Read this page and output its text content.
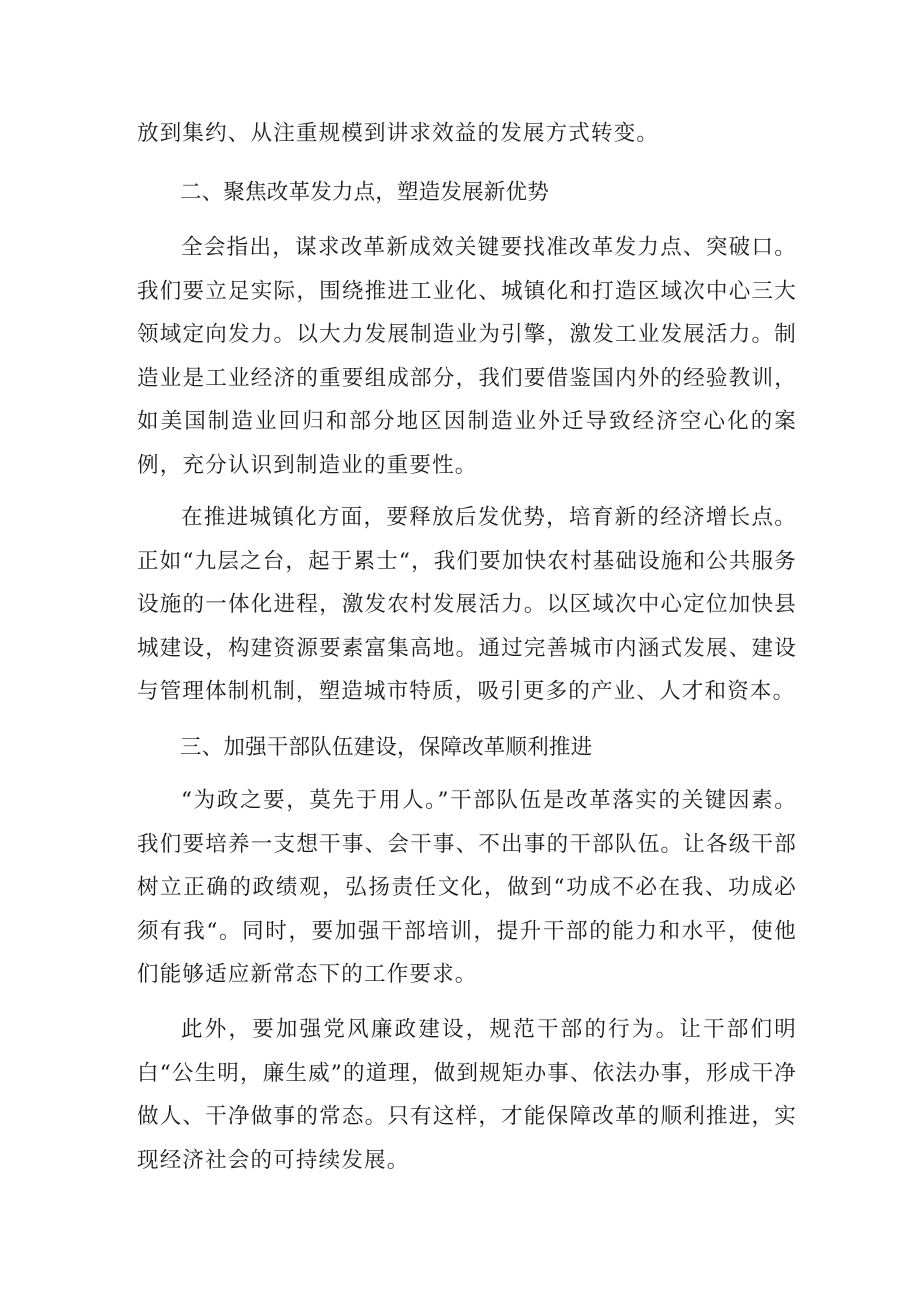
放到集约、从注重规模到讲求效益的发展方式转变。

二、聚焦改革发力点，塑造发展新优势

全会指出，谋求改革新成效关键要找准改革发力点、突破口。我们要立足实际，围绕推进工业化、城镇化和打造区域次中心三大领域定向发力。以大力发展制造业为引擎，激发工业发展活力。制造业是工业经济的重要组成部分，我们要借鉴国内外的经验教训，如美国制造业回归和部分地区因制造业外迁导致经济空心化的案例，充分认识到制造业的重要性。

在推进城镇化方面，要释放后发优势，培育新的经济增长点。正如“九层之台，起于累士“，我们要加快农村基础设施和公共服务设施的一体化进程，激发农村发展活力。以区域次中心定位加快县城建设，构建资源要素富集高地。通过完善城市内涵式发展、建设与管理体制机制，塑造城市特质，吸引更多的产业、人才和资本。

三、加强干部队伍建设，保障改革顺利推进

“为政之要，莫先于用人。”干部队伍是改革落实的关键因素。我们要培养一支想干事、会干事、不出事的干部队伍。让各级干部树立正确的政绩观，弘扬责任文化，做到“功成不必在我、功成必须有我“。同时，要加强干部培训，提升干部的能力和水平，使他们能够适应新常态下的工作要求。

此外，要加强党风廉政建设，规范干部的行为。让干部们明白“公生明，廉生威”的道理，做到规矩办事、依法办事，形成干净做人、干净做事的常态。只有这样，才能保障改革的顺利推进，实现经济社会的可持续发展。
